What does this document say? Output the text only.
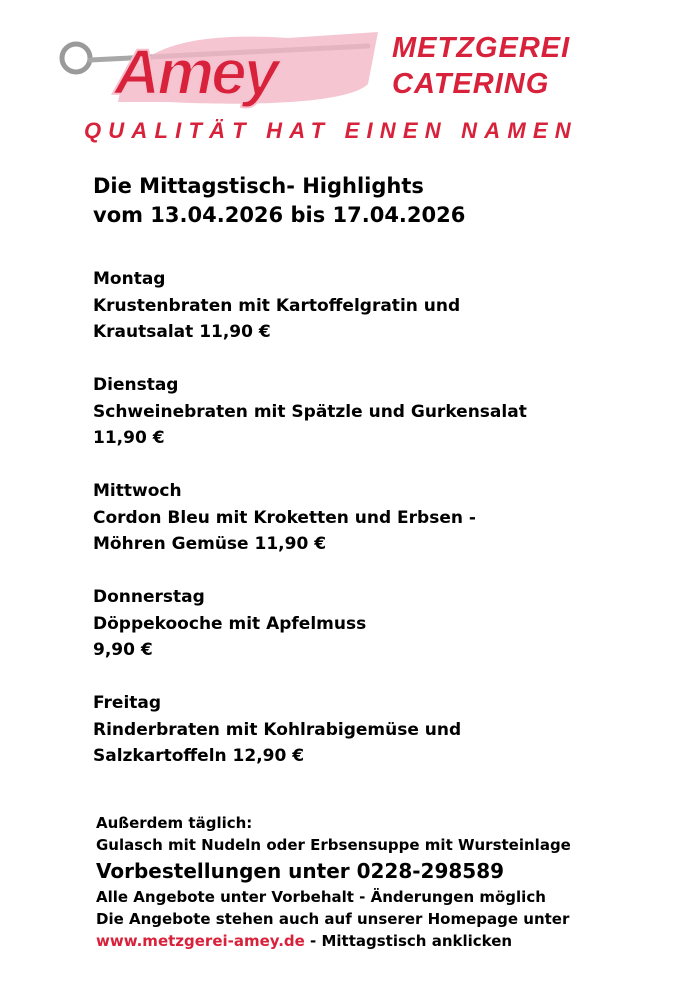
Amey	METZGEREI
CATERING
QUALITÄT HAT EINEN NAMEN
Die Mittagstisch- Highlights
vom 13.04.2026 bis 17.04.2026
Montag
Krustenbraten mit Kartoffelgratin und
Krautsalat 11,90 €
Dienstag
Schweinebraten mit Spätzle und Gurkensalat
11,90 €
Mittwoch
Cordon Bleu mit Kroketten und Erbsen -
Möhren Gemüse 11,90 €
Donnerstag
Döppekooche mit Apfelmuss
9,90 €
Freitag
Rinderbraten mit Kohlrabigemüse und
Salzkartoffeln 12,90 €
Außerdem täglich:
Gulasch mit Nudeln oder Erbsensuppe mit Wursteinlage
Vorbestellungen unter 0228-298589
Alle Angebote unter Vorbehalt - Änderungen möglich
Die Angebote stehen auch auf unserer Homepage unter
www.metzgerei-amey.de - Mittagstisch anklicken
